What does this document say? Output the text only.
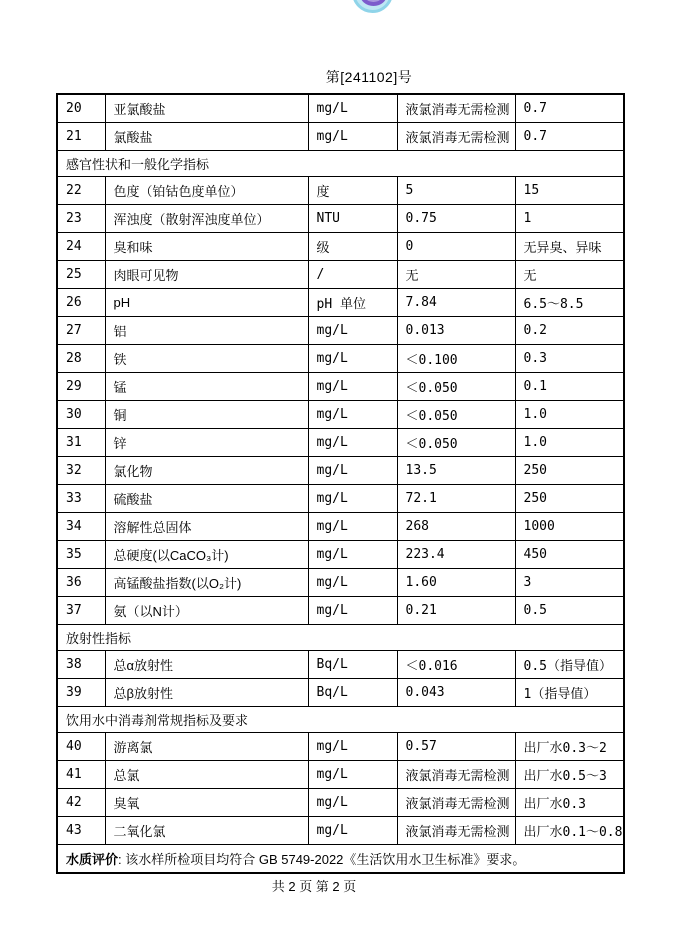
第[241102]号
20	亚氯酸盐	mg/L	液氯消毒无需检测	0.7
21	氯酸盐	mg/L	液氯消毒无需检测	0.7
感官性状和一般化学指标				
22	色度（铂钴色度单位）	度	5	15
23	浑浊度（散射浑浊度单位）	NTU	0.75	1
24	臭和味	级	0	无异臭、异味
25	肉眼可见物	/	无	无
26	pH	pH 单位	7.84	6.5～8.5
27	铝	mg/L	0.013	0.2
28	铁	mg/L	＜0.100	0.3
29	锰	mg/L	＜0.050	0.1
30	铜	mg/L	＜0.050	1.0
31	锌	mg/L	＜0.050	1.0
32	氯化物	mg/L	13.5	250
33	硫酸盐	mg/L	72.1	250
34	溶解性总固体	mg/L	268	1000
35	总硬度(以CaCO₃计)	mg/L	223.4	450
36	高锰酸盐指数(以O₂计)	mg/L	1.60	3
37	氨（以N计）	mg/L	0.21	0.5
放射性指标				
38	总α放射性	Bq/L	＜0.016	0.5（指导值）
39	总β放射性	Bq/L	0.043	1（指导值）
饮用水中消毒剂常规指标及要求				
40	游离氯	mg/L	0.57	出厂水0.3～2
41	总氯	mg/L	液氯消毒无需检测	出厂水0.5～3
42	臭氧	mg/L	液氯消毒无需检测	出厂水0.3
43	二氧化氯	mg/L	液氯消毒无需检测	出厂水0.1～0.8
水质评价: 该水样所检项目均符合 GB 5749-2022《生活饮用水卫生标准》要求。				
共 2 页 第 2 页
